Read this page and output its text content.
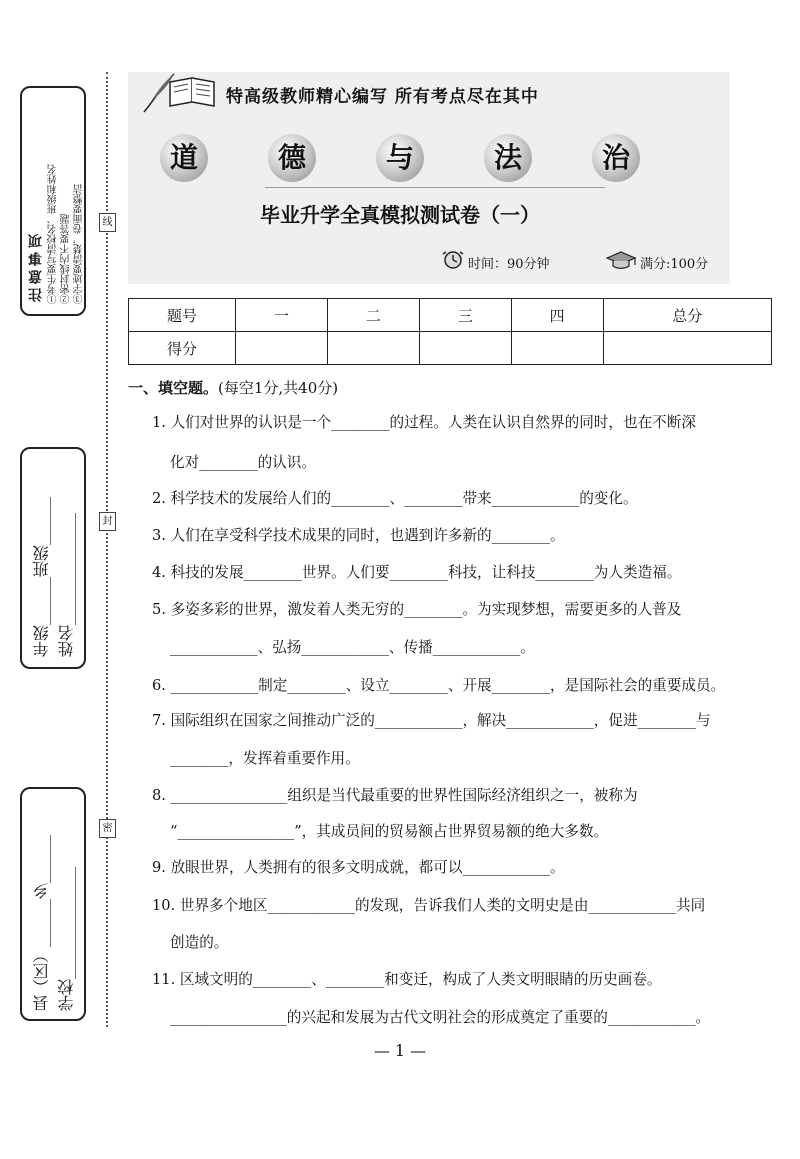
注意事项 ①考生要写清校名、班级和姓名 ②密封线内不要答题 ③字迹要清楚，卷面要整洁
年级______班级______ 姓名______________
县（区）______乡______ 学校______________
线
封
密
特高级教师精心编写 所有考点尽在其中
道	德	与	法	治
毕业升学全真模拟测试卷（一）
时间：90分钟	满分:100分
题号	一	二	三	四	总分
得分					
一、填空题。(每空1分,共40分)
1. 人们对世界的认识是一个________的过程。人类在认识自然界的同时，也在不断深
化对________的认识。
2. 科学技术的发展给人们的________、________带来____________的变化。
3. 人们在享受科学技术成果的同时，也遇到许多新的________。
4. 科技的发展________世界。人们要________科技，让科技________为人类造福。
5. 多姿多彩的世界，激发着人类无穷的________。为实现梦想，需要更多的人普及
____________、弘扬____________、传播____________。
6. ____________制定________、设立________、开展________，是国际社会的重要成员。
7. 国际组织在国家之间推动广泛的____________，解决____________，促进________与
________，发挥着重要作用。
8. ________________组织是当代最重要的世界性国际经济组织之一，被称为
“________________”，其成员间的贸易额占世界贸易额的绝大多数。
9. 放眼世界，人类拥有的很多文明成就，都可以____________。
10. 世界多个地区____________的发现，告诉我们人类的文明史是由____________共同
创造的。
11. 区域文明的________、________和变迁，构成了人类文明眼睛的历史画卷。
________________的兴起和发展为古代文明社会的形成奠定了重要的____________。
— 1 —
